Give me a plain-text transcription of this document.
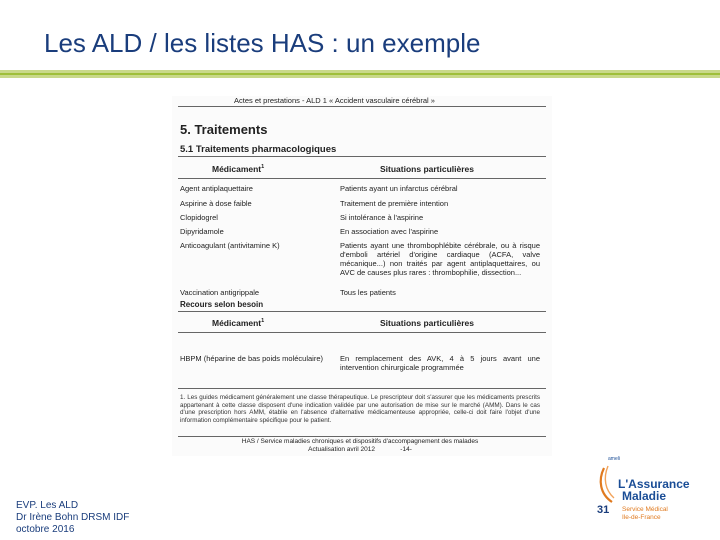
Les ALD / les listes HAS : un exemple
Actes et prestations - ALD 1 « Accident vasculaire cérébral »
5. Traitements
5.1 Traitements pharmacologiques
Médicament$^1$	Situations particulières
Agent antiplaquettaire	Patients ayant un infarctus cérébral
Aspirine à dose faible	Traitement de première intention
Clopidogrel	Si intolérance à l'aspirine
Dipyridamole	En association avec l'aspirine
Anticoagulant (antivitamine K)	Patients ayant une thrombophlébite cérébrale, ou à risque d'emboli artériel d'origine cardiaque (ACFA, valve mécanique...) non traités par agent antiplaquettaires, ou AVC de causes plus rares : thrombophilie, dissection...
Vaccination antigrippale	Tous les patients
Recours selon besoin
Médicament$^1$	Situations particulières
HBPM (héparine de bas poids moléculaire)	En remplacement des AVK, 4 à 5 jours avant une intervention chirurgicale programmée
1. Les guides médicament généralement une classe thérapeutique. Le prescripteur doit s'assurer que les médicaments prescrits appartenant à cette classe disposent d'une indication validée par une autorisation de mise sur le marché (AMM). Dans le cas d'une prescription hors AMM, établie en l'absence d'alternative médicamenteuse appropriée, celle-ci doit faire l'objet d'une information complémentaire spécifique pour le patient.
HAS / Service maladies chroniques et dispositifs d'accompagnement des malades
Actualisation avril 2012	-14-
EVP. Les ALD
Dr Irène Bohn DRSM IDF
octobre 2016
31
ameli
L'Assurance
Maladie
Service Médical
Ile-de-France
